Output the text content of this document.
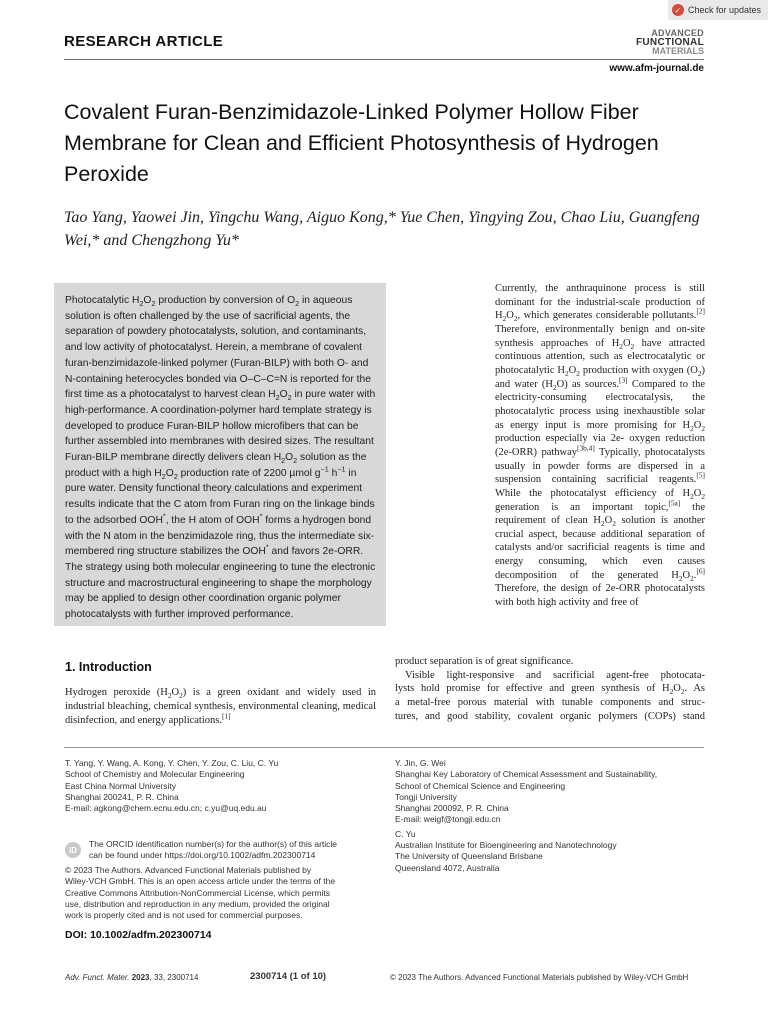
✓ Check for updates
RESEARCH ARTICLE	ADVANCED
FUNCTIONAL
MATERIALS
www.afm-journal.de
Covalent Furan-Benzimidazole-Linked Polymer Hollow Fiber Membrane for Clean and Efficient Photosynthesis of Hydrogen Peroxide

Tao Yang, Yaowei Jin, Yingchu Wang, Aiguo Kong,* Yue Chen, Yingying Zou, Chao Liu, Guangfeng Wei,* and Chengzhong Yu*

Photocatalytic $H_2O_2$ production by conversion of $O_2$ in aqueous solution is often challenged by the use of sacrificial agents, the separation of powdery photocatalysts, solution, and contaminants, and low activity of photocatalyst. Herein, a membrane of covalent furan-benzimidazole-linked polymer (Furan-BILP) with both O- and N-containing heterocycles bonded via O–C–C=N is reported for the first time as a photocatalyst to harvest clean $H_2O_2$ in pure water with high-performance. A coordination-polymer hard template strategy is developed to produce Furan-BILP hollow microfibers that can be further assembled into membranes with desired sizes. The resultant Furan-BILP membrane directly delivers clean $H_2O_2$ solution as the product with a high $H_2O_2$ production rate of 2200 µmol $g^{-1}$ $h^{-1}$ in pure water. Density functional theory calculations and experiment results indicate that the C atom from Furan ring on the linkage binds to the adsorbed OOH*, the H atom of OOH* forms a hydrogen bond with the N atom in the benzimidazole ring, thus the intermediate six-membered ring structure stabilizes the OOH* and favors 2e-ORR. The strategy using both molecular engineering to tune the electronic structure and macrostructural engineering to shape the morphology may be applied to design other coordination organic polymer photocatalysts with further improved performance.

Currently, the anthraquinone process is still dominant for the industrial-scale production of $H_2O_2$, which generates considerable pollutants.[2] Therefore, environmentally benign and on-site synthesis approaches of $H_2O_2$ have attracted continuous attention, such as electrocatalytic or photocatalytic $H_2O_2$ production with oxygen $(O_2)$ and water $(H_2O)$ as sources.[3] Compared to the electricity-consuming electrocatalysis, the photocatalytic process using inexhaustible solar as energy input is more promising for $H_2O_2$ production especially via 2e- oxygen reduction (2e-ORR) pathway[3b,4] Typically, photocatalysts usually in powder forms are dispersed in a suspension containing sacrificial reagents.[5] While the photocatalyst efficiency of $H_2O_2$ generation is an important topic,[5a] the requirement of clean $H_2O_2$ solution is another crucial aspect, because additional separation of catalysts and/or sacrificial reagents is time and energy consuming, which even causes decomposition of the generated $H_2O_2.[6]$ Therefore, the design of 2e-ORR photocatalysts with both high activity and free of

product separation is of great significance.
Visible light-responsive and sacrificial agent-free photocata-
lysts hold promise for effective and green synthesis of $H_2O_2$. As
a metal-free porous material with tunable components and struc-
tures, and good stability, covalent organic polymers (COPs) stand

1. Introduction

Hydrogen peroxide $(H_2O_2)$ is a green oxidant and widely used in industrial bleaching, chemical synthesis, environmental cleaning, medical disinfection, and energy applications.[1]

T. Yang, Y. Wang, A. Kong, Y. Chen, Y. Zou, C. Liu, C. Yu
School of Chemistry and Molecular Engineering
East China Normal University
Shanghai 200241, P. R. China
E-mail: agkong@chem.ecnu.edu.cn; c.yu@uq.edu.au
Y. Jin, G. Wei
Shanghai Key Laboratory of Chemical Assessment and Sustainability,
School of Chemical Science and Engineering
Tongji University
Shanghai 200092, P. R. China
E-mail: weigf@tongji.edu.cn
C. Yu
Australian Institute for Bioengineering and Nanotechnology
The University of Queensland Brisbane
Queensland 4072, Australia
iD
The ORCID identification number(s) for the author(s) of this article
can be found under https://doi.org/10.1002/adfm.202300714
© 2023 The Authors. Advanced Functional Materials published by
Wiley-VCH GmbH. This is an open access article under the terms of the
Creative Commons Attribution-NonCommercial License, which permits
use, distribution and reproduction in any medium, provided the original
work is properly cited and is not used for commercial purposes.
DOI: 10.1002/adfm.202300714
Adv. Funct. Mater. 2023, 33, 2300714	2300714 (1 of 10)	© 2023 The Authors. Advanced Functional Materials published by Wiley-VCH GmbH
